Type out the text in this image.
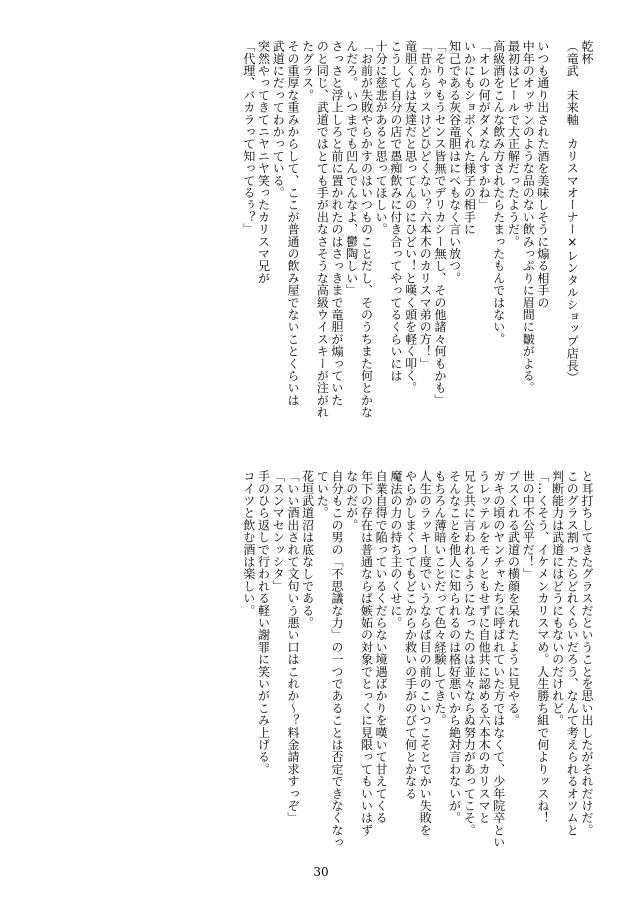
乾杯
（竜武　未来軸　カリスマオーナー×レンタルショップ店長）

いつも通り出された酒を美味しそうに煽る相手の
中年のオッサンのような品のない飲みっぷりに眉間に皺がよる。
最初はビールで大正解だったようだ。
高級酒をこんな飲み方されたらたまったもんではない。
「オレの何がダメなんすかね」
いかにもショボくれた様子の相手に
知己である灰谷竜胆はにべもなく言い放つ。
「そりゃもうセンス皆無でデリカシー無し、その他諸々何もかも」
「昔からッスけどひどくない？六本木のカリスマ弟の方！」
竜胆くんは友達だと思ってんのにひどい！と嘆く頭を軽く叩く。
こうして自分の店で愚痴飲みに付き合ってやってるくらいには
十分に慈悲があると思ってほしい。
「お前が失敗やらかすのはいつものことだし、そのうちまた何とかな
んだろ。いつまでも凹んでんなよ、鬱陶しい」
さっさと浮上しろと前に置かれたのはさっきまで竜胆が煽っていた
のと同じ、武道ではとても手が出なさそうな高級ウイスキーが注がれ
たグラス。
その重厚な重みからして、ここが普通の飲み屋でないことくらいは
武道にだってわかっている。
突然やってきてニヤニヤ笑ったカリスマ兄が
「代理、バカラって知ってるぅ？」
と耳打ちしてきたグラスだということを思い出したがそれだけだ。
このグラス割ったらどれくらいだろう、なんて考えられるオツムと
判断能力は武道にはどうにもないのだけれど。
「…くそう、イケメンカリスマめ。人生勝ち組で何よりッスね！
世の中不公平だ！」
ブスくれる武道の横顔を呆れたように見やる。
ガキの頃のヤンチャたちに呼ばれていた方ではなくて、少年院卒とい
うレッテルをモノともせずに自他共に認める六本木のカリスマと
兄と共に言われるようになったのは並々ならぬ努力があってこそ。
そんなことを他人に知られるのは格好悪いから絶対言わないが。
もちろん薄暗いことだって色々経験してきた。
人生のラッキー度でいうならば目の前のこいつこそとでかい失敗を
やらかしまくってもどこからか救いの手がのびて何とかなる
魔法の力の持ち主のくせに。
自業自得で陥っているくだらない境遇ばかりを嘆いて甘えてくる
年下の存在は普通ならば嫉妬の対象でとっくに見限ってもいいはず
なのだが。
自分もこの男の「不思議な力」の一つであることは否定できなくなっ
ていた。
花垣武道沼は底なしである。
「いい酒出されて文句いう悪い口はこれか～？料金請求すっぞ」
「スンマセンッシタ」
手のひら返しで行われる軽い謝罪に笑いがこみ上げる。
コイツと飲む酒は楽しい。
30
